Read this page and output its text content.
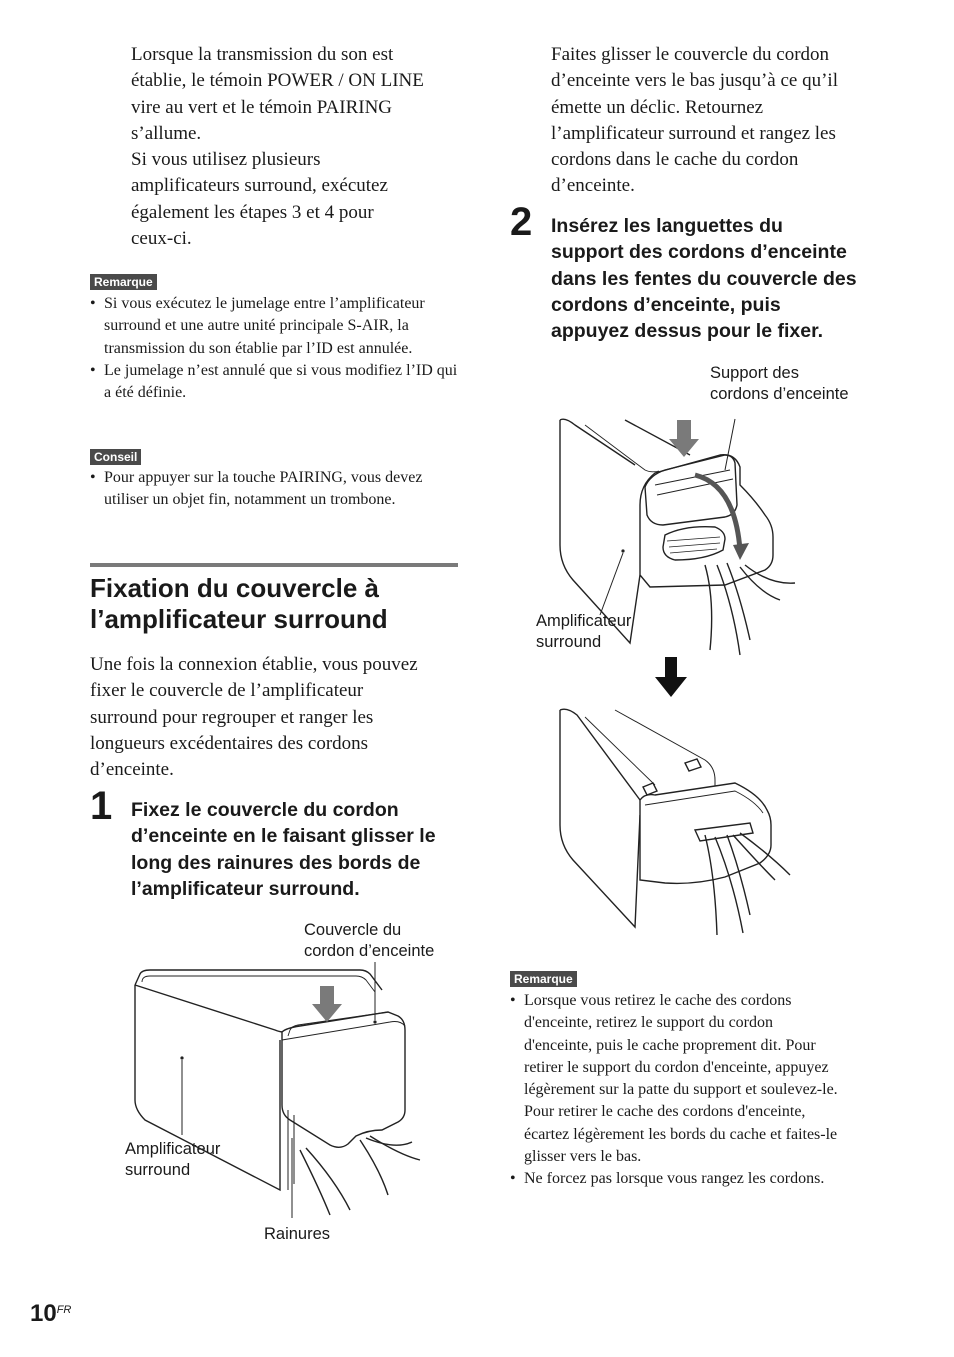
Lorsque la transmission du son est
établie, le témoin POWER / ON LINE
vire au vert et le témoin PAIRING
s’allume.
Si vous utilisez plusieurs
amplificateurs surround, exécutez
également les étapes 3 et 4 pour
ceux-ci.
Remarque
• Si vous exécutez le jumelage entre l’amplificateur surround et une autre unité principale S-AIR, la transmission du son établie par l’ID est annulée.
• Le jumelage n’est annulé que si vous modifiez l’ID qui a été définie.
Conseil
• Pour appuyer sur la touche PAIRING, vous devez utiliser un objet fin, notamment un trombone.
Fixation du couvercle à
l’amplificateur surround
Une fois la connexion établie, vous pouvez
fixer le couvercle de l’amplificateur
surround pour regrouper et ranger les
longueurs excédentaires des cordons
d’enceinte.
1 Fixez le couvercle du cordon
d’enceinte en le faisant glisser le
long des rainures des bords de
l’amplificateur surround.
Couvercle du
cordon d’enceinte
Amplificateur
surround
Rainures
Faites glisser le couvercle du cordon
d’enceinte vers le bas jusqu’à ce qu’il
émette un déclic. Retournez
l’amplificateur surround et rangez les
cordons dans le cache du cordon
d’enceinte.
2 Insérez les languettes du
support des cordons d’enceinte
dans les fentes du couvercle des
cordons d’enceinte, puis
appuyez dessus pour le fixer.
Support des
cordons d’enceinte
Amplificateur
surround
Remarque
• Lorsque vous retirez le cache des cordons
d'enceinte, retirez le support du cordon
d'enceinte, puis le cache proprement dit. Pour
retirer le support du cordon d'enceinte, appuyez
légèrement sur la patte du support et soulevez-le.
Pour retirer le cache des cordons d'enceinte,
écartez légèrement les bords du cache et faites-le
glisser vers le bas.
• Ne forcez pas lorsque vous rangez les cordons.
$10^{FR}$
